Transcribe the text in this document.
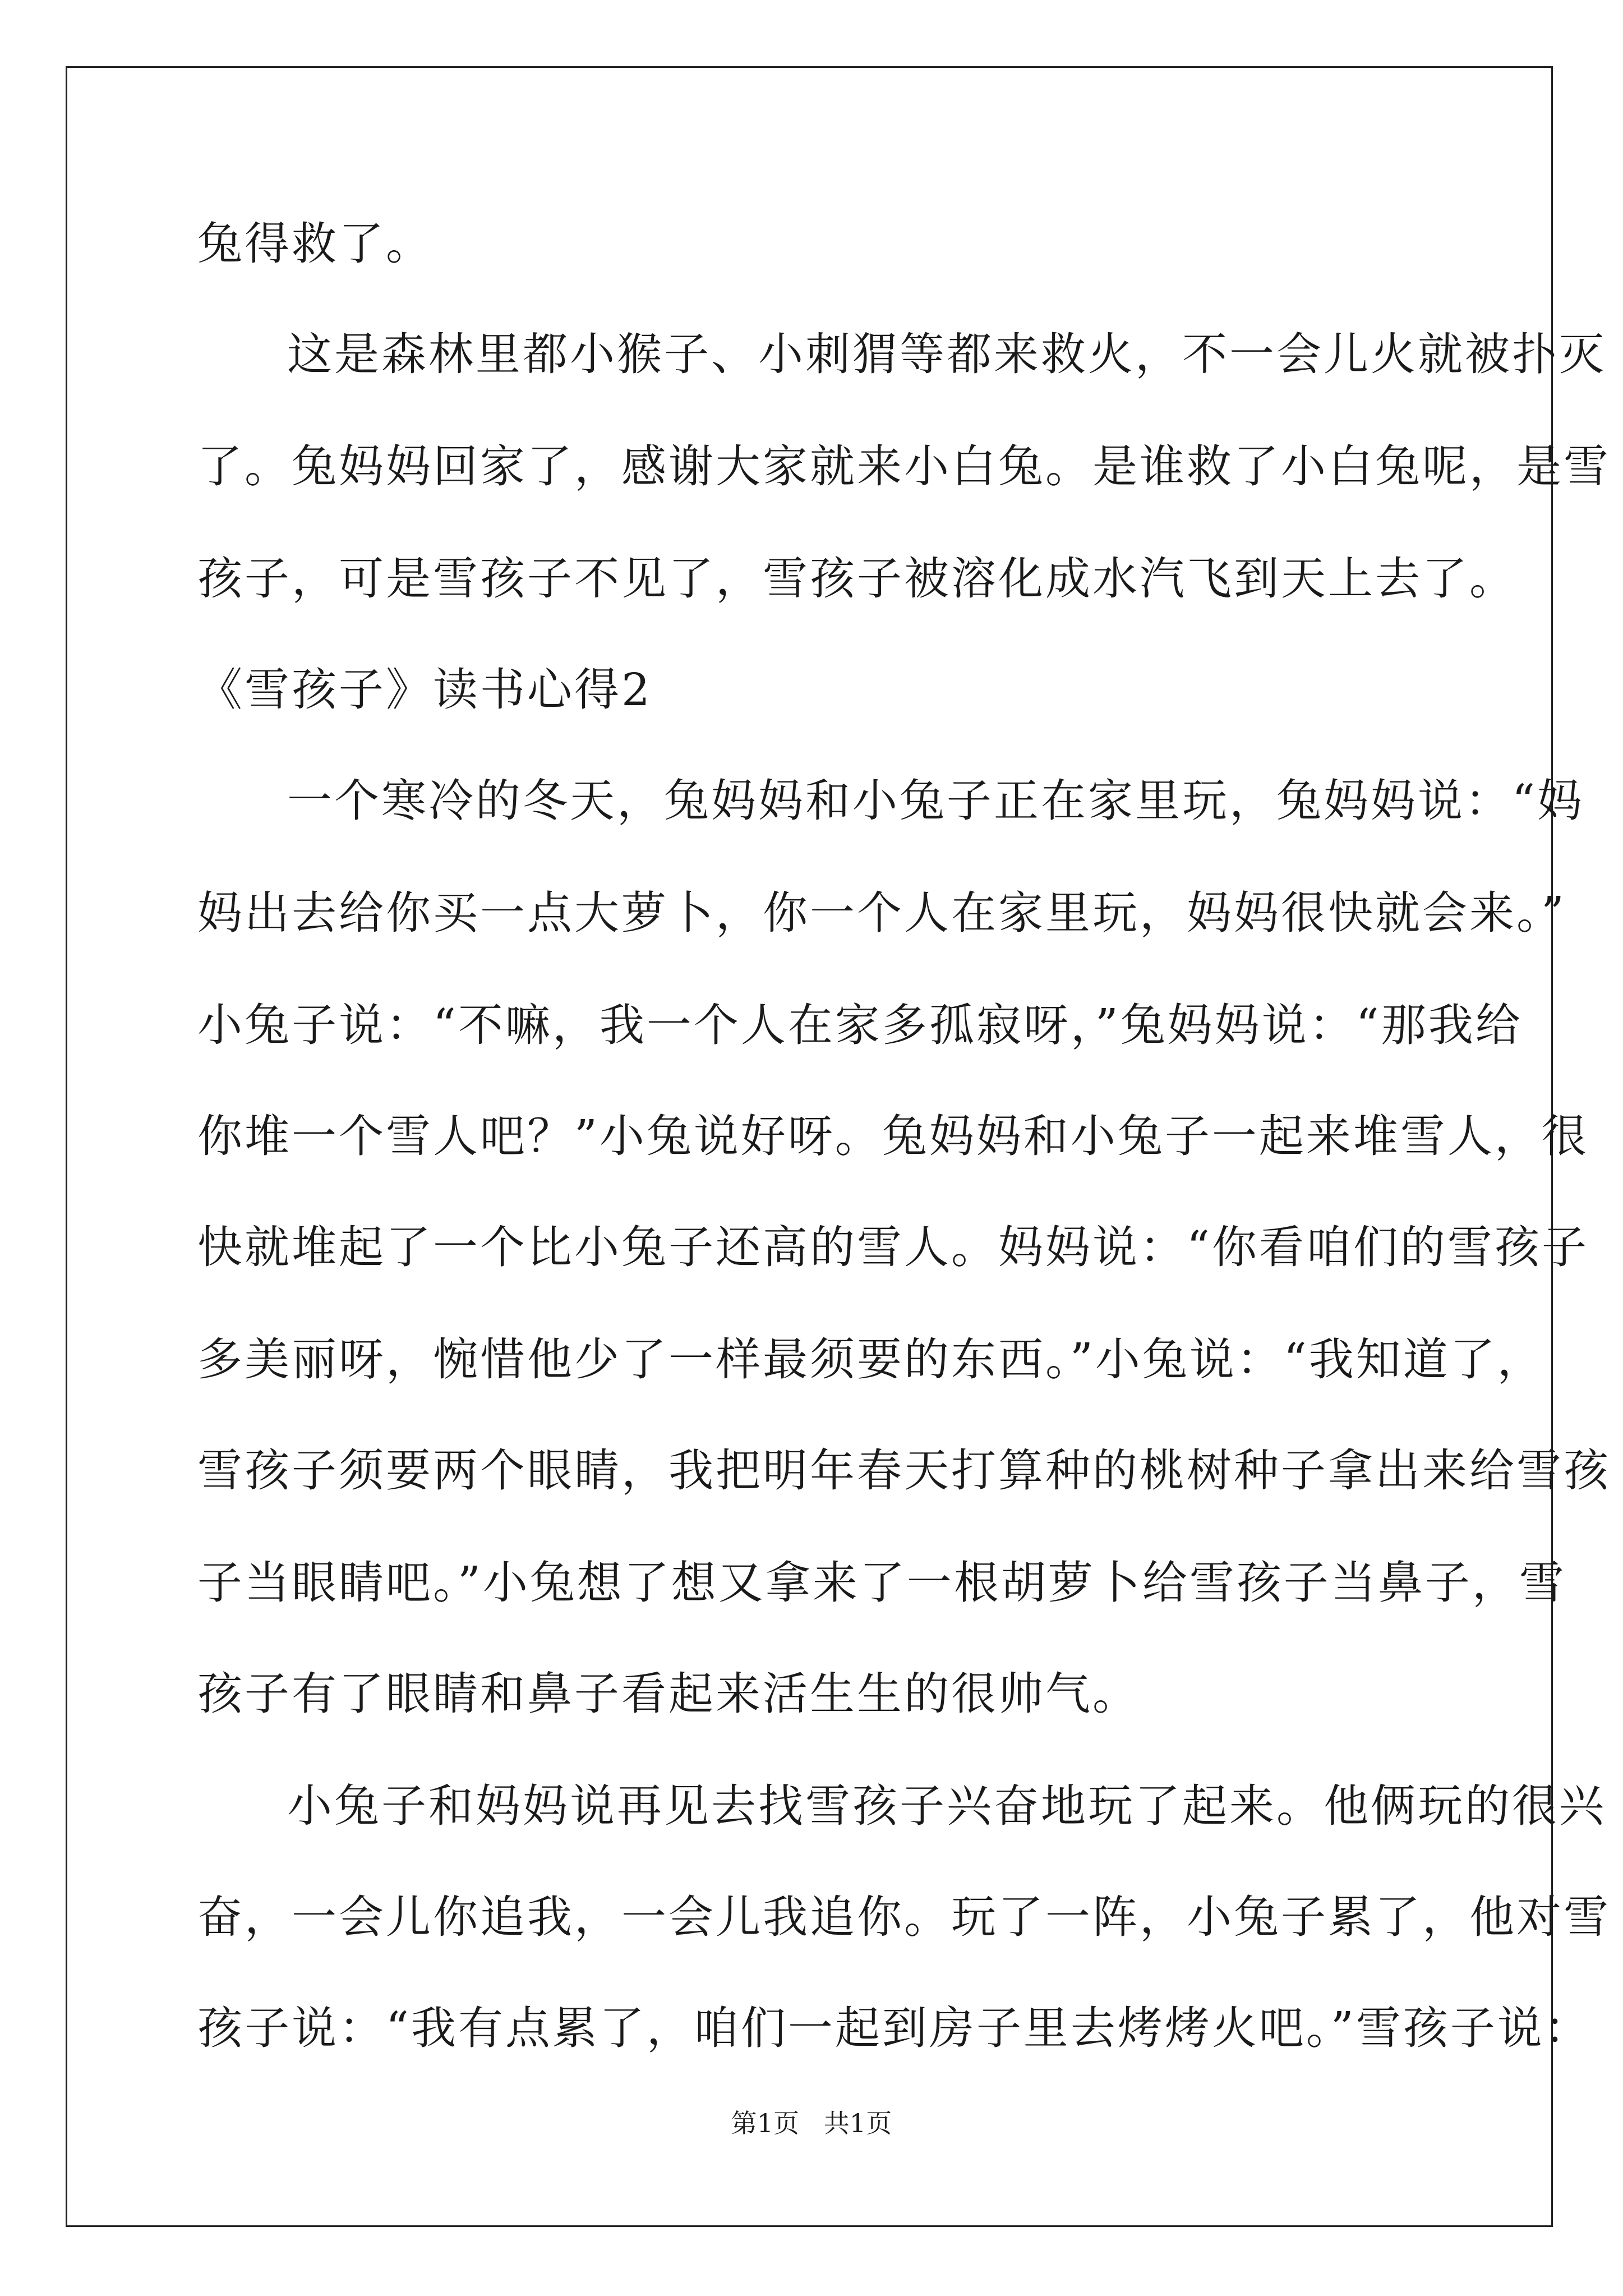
兔得救了。
这是森林里都小猴子、小刺猬等都来救火，不一会儿火就被扑灭
了。兔妈妈回家了，感谢大家就来小白兔。是谁救了小白兔呢，是雪
孩子，可是雪孩子不见了，雪孩子被溶化成水汽飞到天上去了。
《雪孩子》读书心得2
一个寒冷的冬天，兔妈妈和小兔子正在家里玩，兔妈妈说：“妈
妈出去给你买一点大萝卜，你一个人在家里玩，妈妈很快就会来。”
小兔子说：“不嘛，我一个人在家多孤寂呀，”兔妈妈说：“那我给
你堆一个雪人吧？”小兔说好呀。兔妈妈和小兔子一起来堆雪人，很
快就堆起了一个比小兔子还高的雪人。妈妈说：“你看咱们的雪孩子
多美丽呀，惋惜他少了一样最须要的东西。”小兔说：“我知道了，
雪孩子须要两个眼睛，我把明年春天打算种的桃树种子拿出来给雪孩
子当眼睛吧。”小兔想了想又拿来了一根胡萝卜给雪孩子当鼻子，雪
孩子有了眼睛和鼻子看起来活生生的很帅气。
小兔子和妈妈说再见去找雪孩子兴奋地玩了起来。他俩玩的很兴
奋，一会儿你追我，一会儿我追你。玩了一阵，小兔子累了，他对雪
孩子说：“我有点累了，咱们一起到房子里去烤烤火吧。”雪孩子说：
第1页   共1页
